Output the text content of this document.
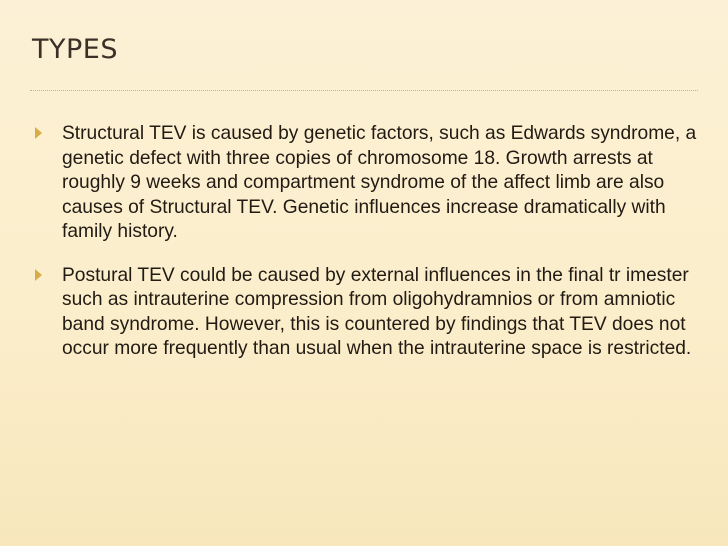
TYPES
Structural TEV is caused by genetic factors, such as Edwards syndrome, a genetic defect with three copies of chromosome 18. Growth arrests at roughly 9 weeks and compartment syndrome of the affect limb are also causes of Structural TEV. Genetic influences increase dramatically with family history.
Postural TEV could be caused by external influences in the final tr imester such as intrauterine compression from oligohydramnios or from amniotic band syndrome. However, this is countered by findings that TEV does not occur more frequently than usual when the intrauterine space is restricted.
